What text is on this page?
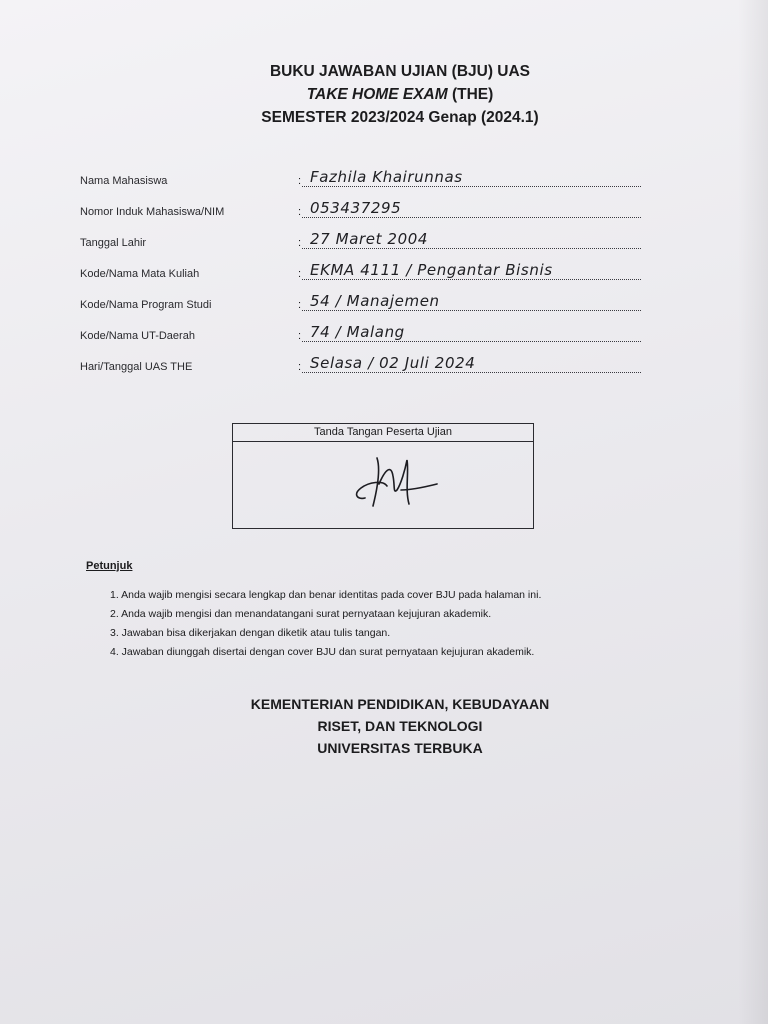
BUKU JAWABAN UJIAN (BJU) UAS
TAKE HOME EXAM (THE)
SEMESTER 2023/2024 Genap (2024.1)
Nama Mahasiswa	: Fazhila Khairunnas
Nomor Induk Mahasiswa/NIM	: 053437295
Tanggal Lahir	: 27 Maret 2004
Kode/Nama Mata Kuliah	: EKMA 4111 / Pengantar Bisnis
Kode/Nama Program Studi	: 54 / Manajemen
Kode/Nama UT-Daerah	: 74 / Malang
Hari/Tanggal UAS THE	: Selasa / 02 Juli 2024
Tanda Tangan Peserta Ujian
Petunjuk
1. Anda wajib mengisi secara lengkap dan benar identitas pada cover BJU pada halaman ini.
2. Anda wajib mengisi dan menandatangani surat pernyataan kejujuran akademik.
3. Jawaban bisa dikerjakan dengan diketik atau tulis tangan.
4. Jawaban diunggah disertai dengan cover BJU dan surat pernyataan kejujuran akademik.
KEMENTERIAN PENDIDIKAN, KEBUDAYAAN
RISET, DAN TEKNOLOGI
UNIVERSITAS TERBUKA
